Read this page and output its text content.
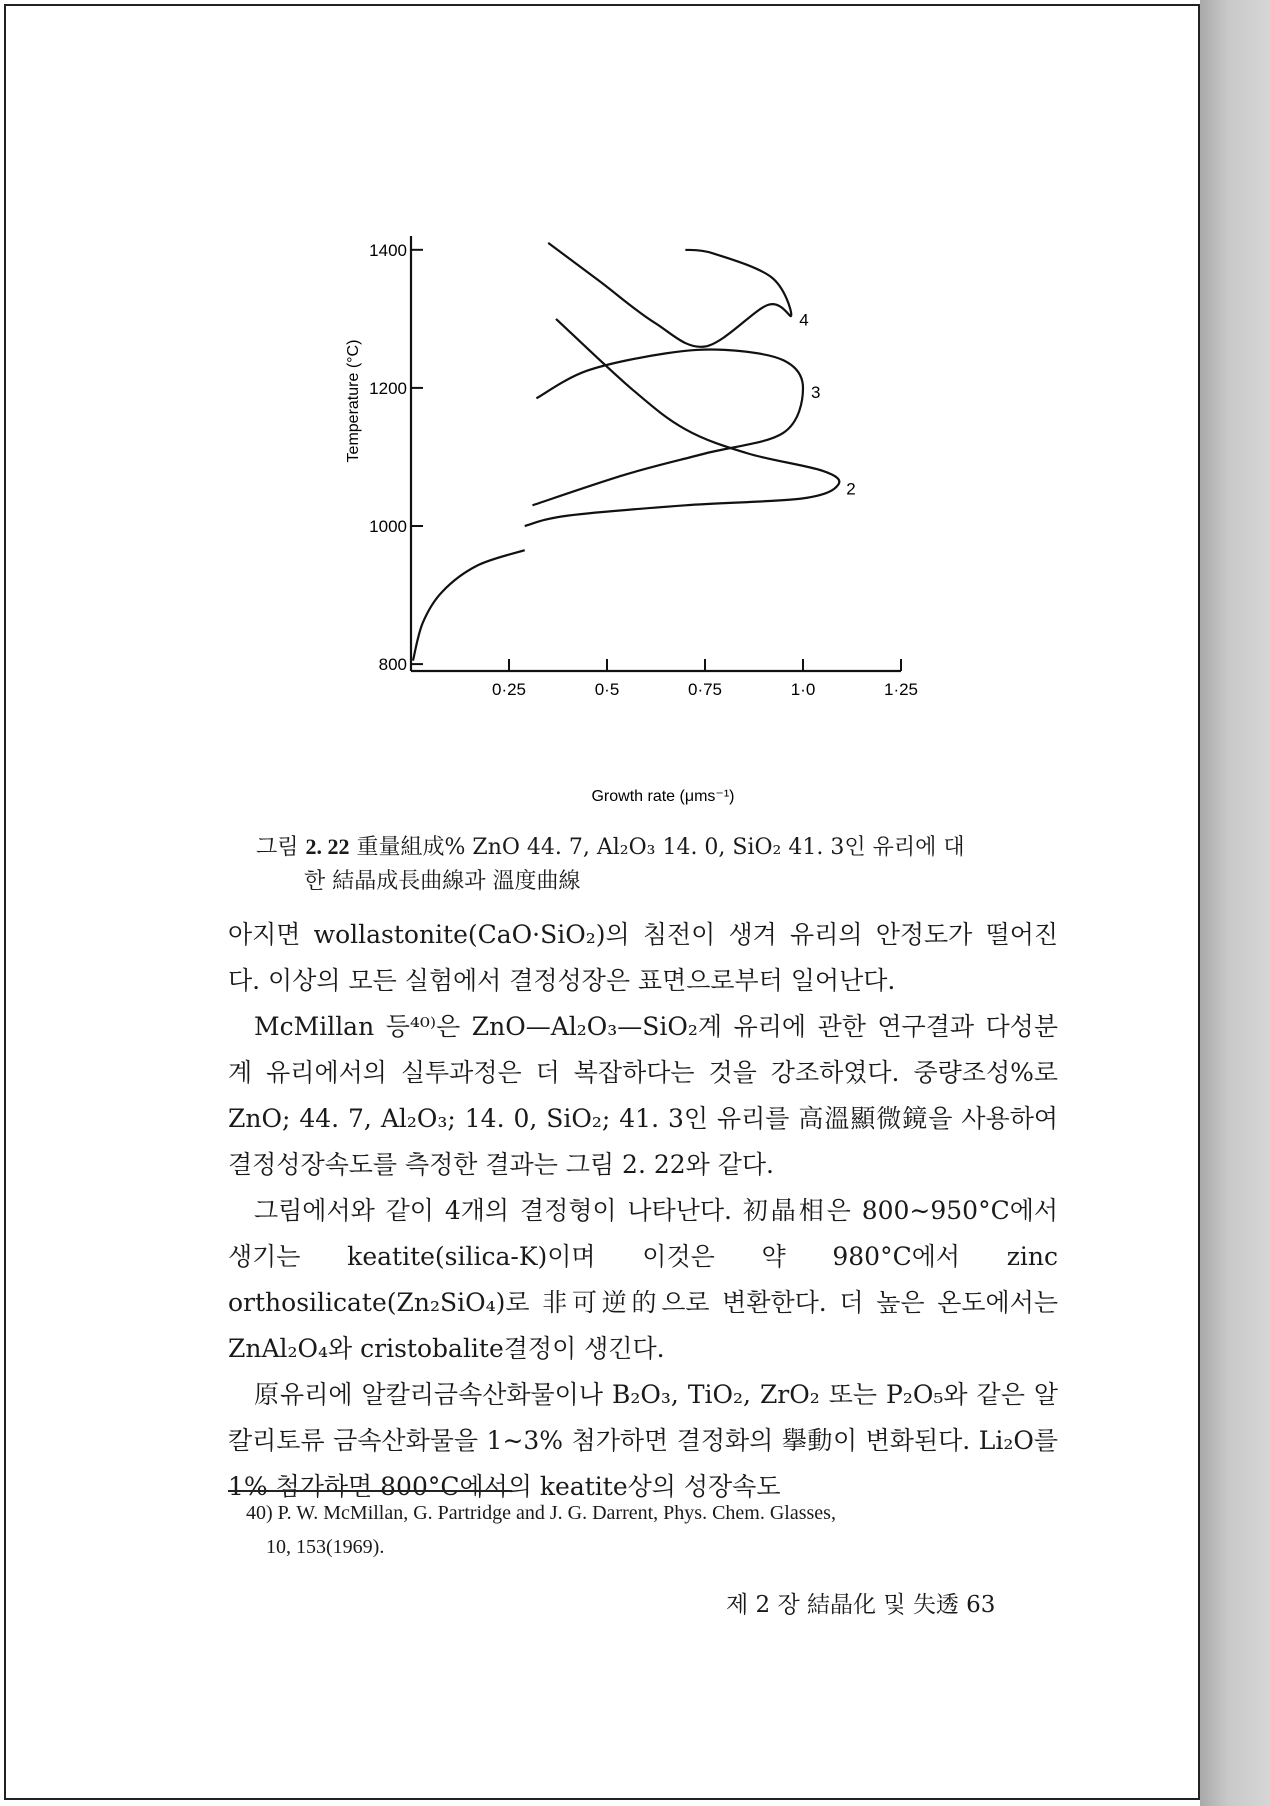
800
1000
1200
1400
0·25	0·5	0·75	1·0	1·25
2
3
4
Temperature (°C)
Growth rate (μms⁻¹)
그림 2. 22 重量組成% ZnO 44. 7, Al₂O₃ 14. 0, SiO₂ 41. 3인 유리에 대
한 結晶成長曲線과 溫度曲線

아지면 wollastonite(CaO·SiO₂)의 침전이 생겨 유리의 안정도가 떨어진다. 이상의 모든 실험에서 결정성장은 표면으로부터 일어난다.

McMillan 등⁴⁰⁾은 ZnO—Al₂O₃—SiO₂계 유리에 관한 연구결과 다성분계 유리에서의 실투과정은 더 복잡하다는 것을 강조하였다. 중량조성%로 ZnO; 44. 7, Al₂O₃; 14. 0, SiO₂; 41. 3인 유리를 高溫顯微鏡을 사용하여 결정성장속도를 측정한 결과는 그림 2. 22와 같다.

그림에서와 같이 4개의 결정형이 나타난다. 初晶相은 800∼950°C에서 생기는 keatite(silica-K)이며 이것은 약 980°C에서 zinc orthosilicate(Zn₂SiO₄)로 非可逆的으로 변환한다. 더 높은 온도에서는 ZnAl₂O₄와 cristobalite결정이 생긴다.

原유리에 알칼리금속산화물이나 B₂O₃, TiO₂, ZrO₂ 또는 P₂O₅와 같은 알칼리토류 금속산화물을 1∼3% 첨가하면 결정화의 擧動이 변화된다. Li₂O를 1% 첨가하면 800°C에서의 keatite상의 성장속도

40) P. W. McMillan, G. Partridge and J. G. Darrent, Phys. Chem. Glasses,
10, 153(1969).
제 2 장 結晶化 및 失透 63
